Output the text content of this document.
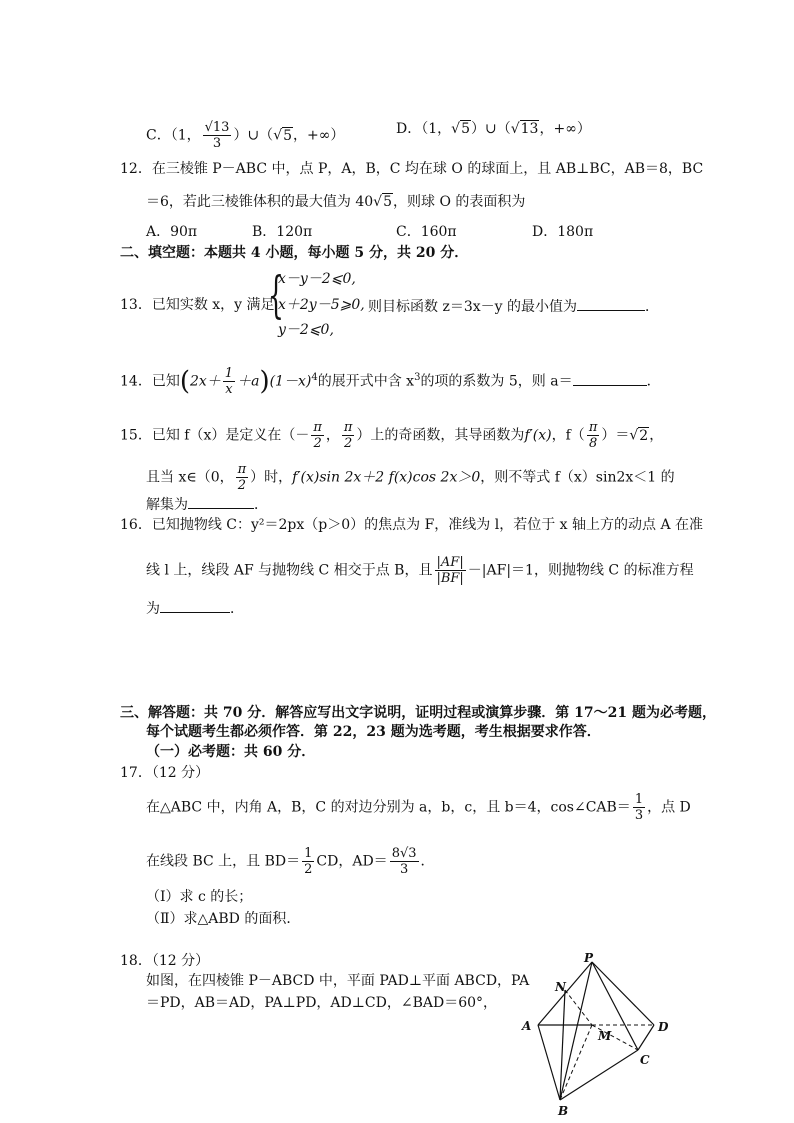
C．（1， $\frac{√13}{3}$ ）∪（√5，+∞）	D．（1，√5）∪（√13，+∞）
12．在三棱锥 P－ABC 中，点 P，A，B，C 均在球 O 的球面上，且 AB⊥BC，AB＝8，BC
＝6，若此三棱锥体积的最大值为 40√5，则球 O 的表面积为
A．90π	B．120π	C．160π	D．180π
二、填空题：本题共 4 小题，每小题 5 分，共 20 分．
13．已知实数 x，y 满足
{
x－y－2⩽0,
x＋2y－5⩾0,
y－2⩽0,
则目标函数 z＝3x－y 的最小值为	．
14．已知$(2x+ \frac{1}{x} +a)(1-x)^4$的展开式中含 $x^3$的项的系数为 5，则 a＝	．
15．已知 f（x）是定义在（－ $\frac{\pi}{2}$ ， $\frac{\pi}{2}$ ）上的奇函数，其导函数为f′(x)，$f( \frac{\pi}{8} )=√2$，
且当 x∈（0， $\frac{\pi}{2}$ ）时，f′(x)sin 2x＋2 f(x)cos 2x＞0，则不等式 f（x）sin2x＜1 的
解集为	．
16．已知抛物线 C：y²＝2px（p＞0）的焦点为 F，准线为 l，若位于 x 轴上方的动点 A 在准
线 l 上，线段 AF 与抛物线 C 相交于点 B，且 $\frac{|AF|}{|BF|} -|AF|=1$，则抛物线 C 的标准方程
为	．
三、解答题：共 70 分．解答应写出文字说明，证明过程或演算步骤．第 17～21 题为必考题，
每个试题考生都必须作答．第 22，23 题为选考题，考生根据要求作答．
（一）必考题：共 60 分．
17．（12 分）
在△ABC 中，内角 A，B，C 的对边分别为 a，b，c，且 b＝4，cos∠CAB＝ $\frac{1}{3}$ ，点 D
在线段 BC 上，且 $BD= \frac{1}{2}$ CD，$AD= \frac{8√3}{3}$ ．
（Ⅰ）求 c 的长；
（Ⅱ）求△ABD 的面积．
18．（12 分）
如图，在四棱锥 P－ABCD 中，平面 PAD⊥平面 ABCD，PA
＝PD，AB＝AD，PA⊥PD，AD⊥CD，∠BAD＝60°，
P
N
A
M
D
C
B
